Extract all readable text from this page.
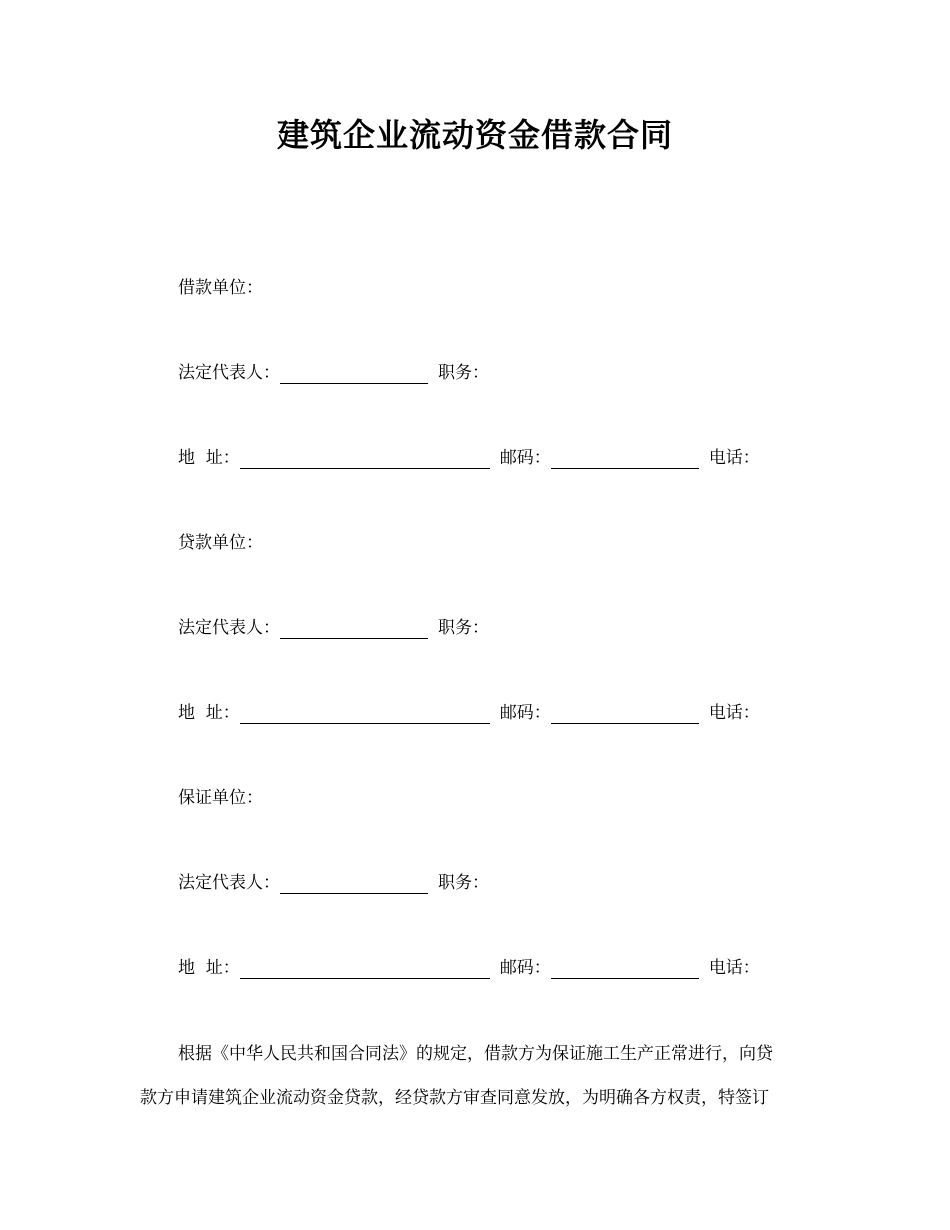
建筑企业流动资金借款合同
借款单位：
法定代表人：	职务：
地  址：	邮码：	电话：
贷款单位：
法定代表人：	职务：
地  址：	邮码：	电话：
保证单位：
法定代表人：	职务：
地  址：	邮码：	电话：
根据《中华人民共和国合同法》的规定，借款方为保证施工生产正常进行，向贷
款方申请建筑企业流动资金贷款，经贷款方审查同意发放，为明确各方权责，特签订
